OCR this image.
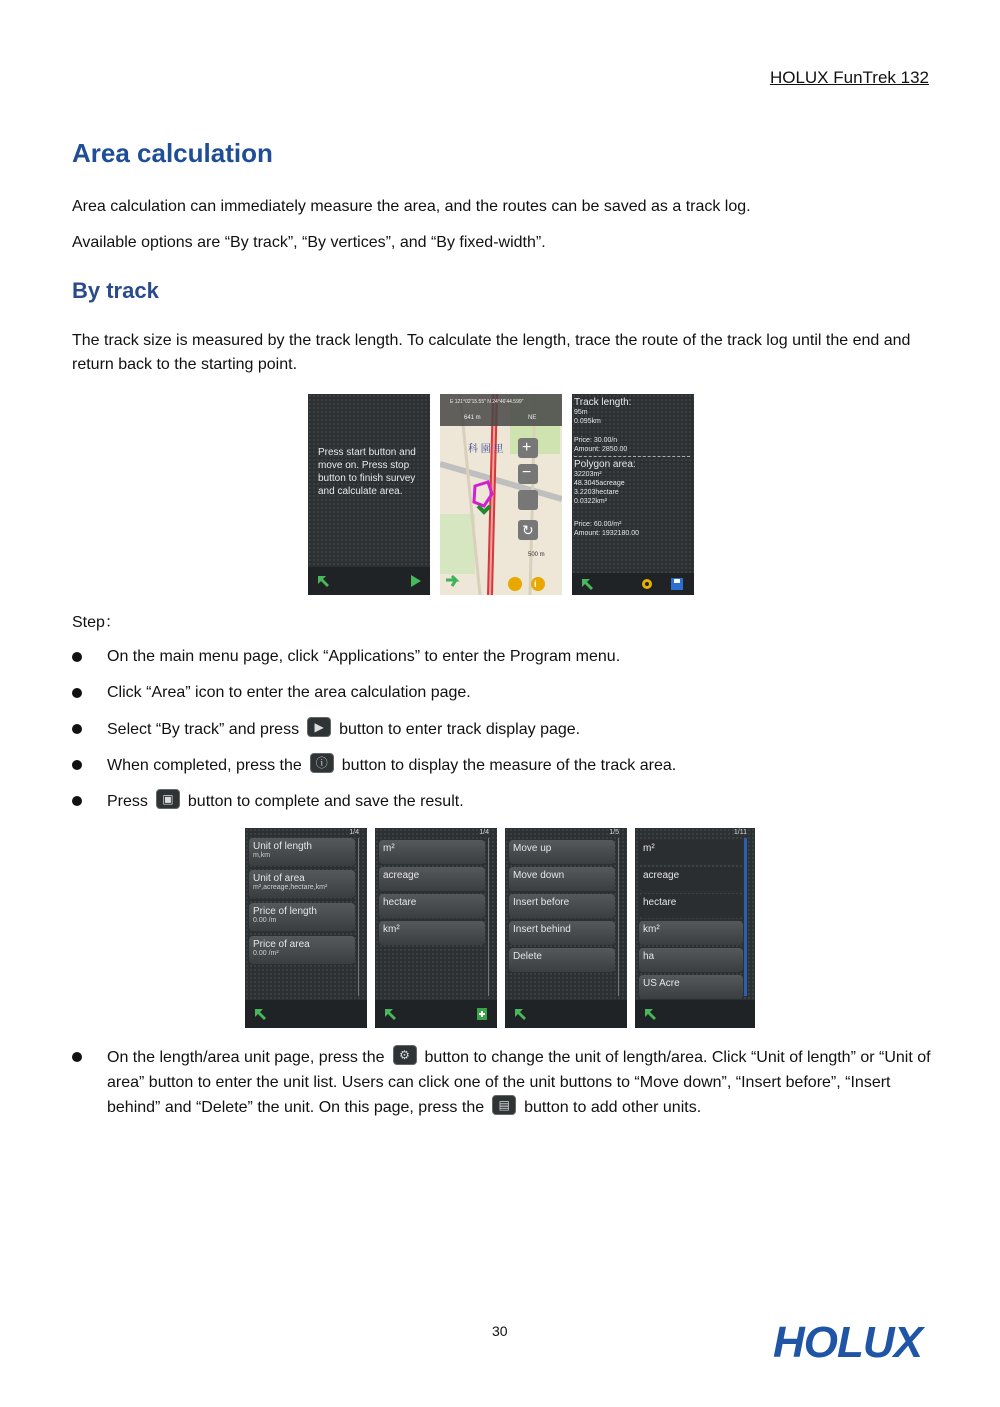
HOLUX FunTrek 132
Area calculation

Area calculation can immediately measure the area, and the routes can be saved as a track log.

Available options are “By track”, “By vertices”, and “By fixed-width”.

By track

The track size is measured by the track length. To calculate the length, trace the route of the track log until the end and return back to the starting point.

Press start button and move on. Press stop button to finish survey and calculate area.
E 121°02'15.55" N 24°46'44.599"
641 m	NE
科 園 里
500 m
+
−
↻
i
Track length:
95m
0.095km
Price: 30.00/n
Amount: 2850.00
Polygon area:
32203m²
48.3045acreage
3.2203hectare
0.0322km²
Price: 60.00/m²
Amount: 1932180.00
Step：
On the main menu page, click “Applications” to enter the Program menu.
Click “Area” icon to enter the area calculation page.
Select “By track” and press	▶ button to enter track display page.
When completed, press the	ⓘ button to display the measure of the track area.
Press	▣ button to complete and save the result.
1/4
Unit of length
m,km
Unit of area
m²,acreage,hectare,km²
Price of length
0.00 /m
Price of area
0.00 /m²
1/4
m²
acreage
hectare
km²
1/5
Move up
Move down
Insert before
Insert behind
Delete
1/11
m²
acreage
hectare
km²
ha
US Acre
On the length/area unit page, press the	⚙ button to change the unit of length/area. Click “Unit of length” or “Unit of area” button to enter the unit list. Users can click one of the unit buttons to “Move down”, “Insert before”, “Insert behind” and “Delete” the unit. On this page, press the	▤ button to add other units.
30	HOLUX
